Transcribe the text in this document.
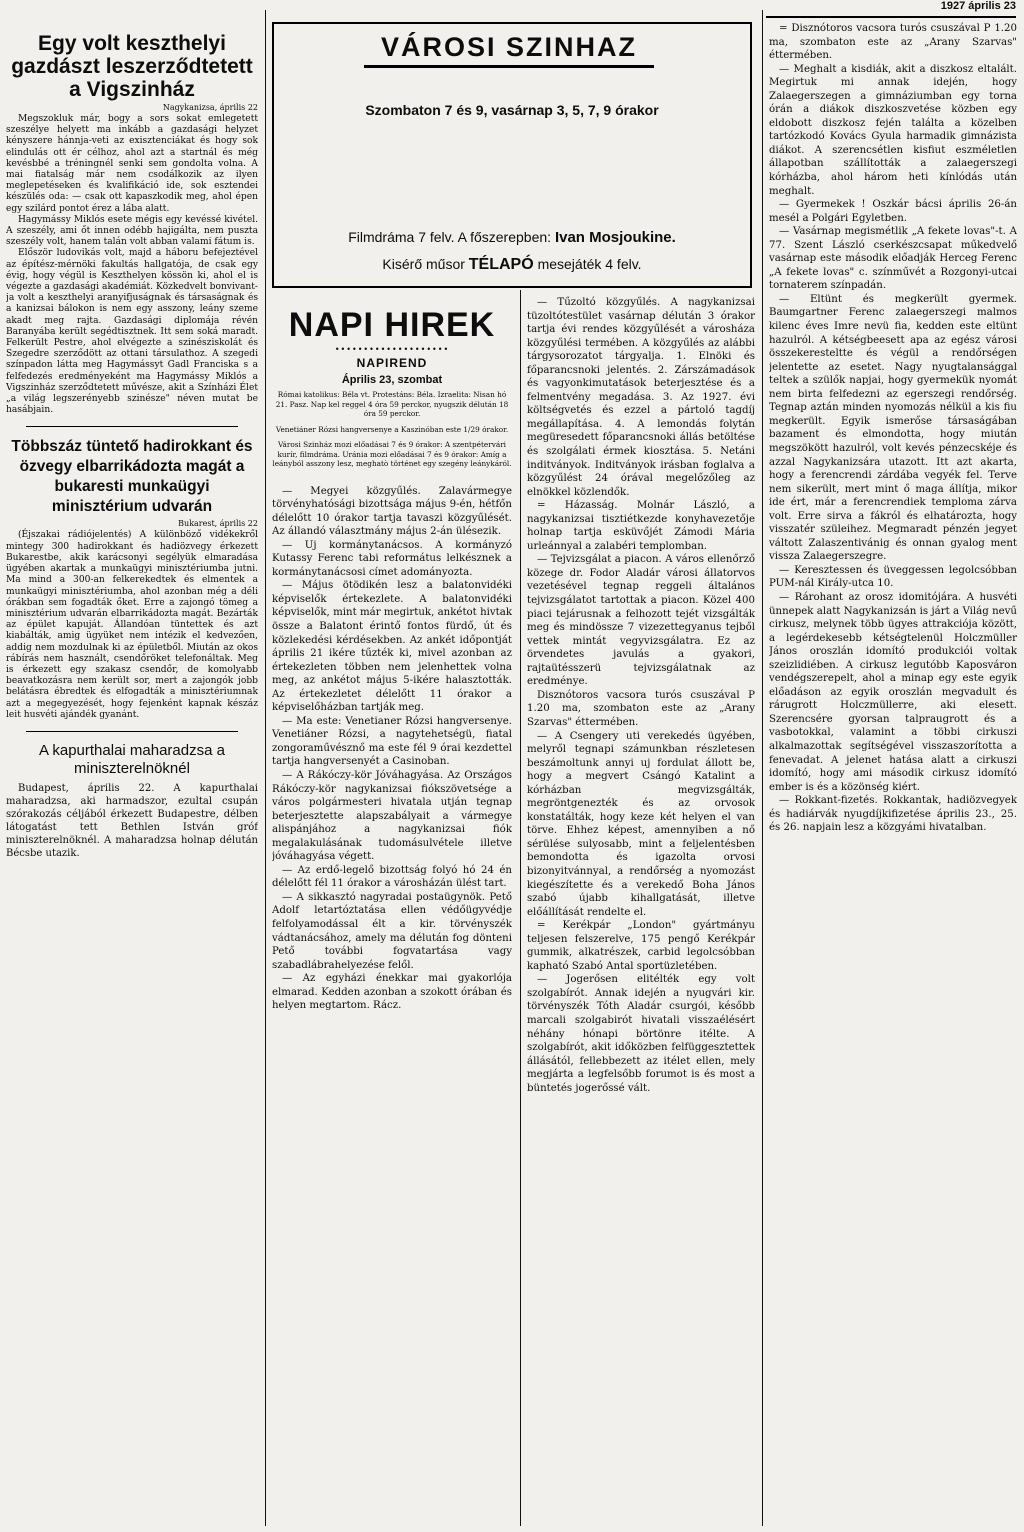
1927 április 23
Egy volt keszthelyi gazdászt leszerződtetett a Vigszinház

Nagykanizsa, április 22

Megszokluk már, bogy a sors sokat emlegetett szeszélye helyett ma inkább a gazdasági helyzet kényszere hánnja-veti az exisztenciákat és hogy sok elindulás ott ér célhoz, ahol azt a startnál és még kevésbbé a tréningnél senki sem gondolta volna. A mai fiatalság már nem csodálkozik az ilyen meglepetéseken és kvalifikáció ide, sok esztendei készülés oda: — csak ott kapaszkodik meg, ahol épen egy szilárd pontot érez a lába alatt.

Hagymássy Miklós esete mégis egy kevéssé kivétel. A szeszély, ami őt innen odébb hajigálta, nem puszta szeszély volt, hanem talán volt abban valami fátum is.

Először ludovikás volt, majd a háboru befejeztével az építész-mérnöki fakultás hallgatója, de csak egy évig, hogy végül is Keszthelyen kössön ki, ahol el is végezte a gazdasági akadémiát. Közkedvelt bonvivant-ja volt a keszthelyi aranyifjuságnak és társaságnak és a kanizsai bálokon is nem egy asszony, leány szeme akadt meg rajta. Gazdasági diplomája révén Baranyába került segédtisztnek. Itt sem soká maradt. Felkerült Pestre, ahol elvégezte a szinésziskolát és Szegedre szerződött az ottani társulathoz. A szegedi színpadon látta meg Hagymássyt Gadl Franciska s a felfedezés eredményeként ma Hagymássy Miklós a Vigszinház szerződtetett művésze, akit a Színházi Élet „a világ legszerényebb szinésze" néven mutat be hasábjain.

Többszáz tüntető hadirokkant és özvegy elbarrikádozta magát a bukaresti munkaügyi minisztérium udvarán

Bukarest, április 22

(Éjszakai rádiójelentés) A különböző vidékekről mintegy 300 hadirokkant és hadiözvegy érkezett Bukarestbe, akik karácsonyi segélyük elmaradása ügyében akartak a munkaügyi minisztériumba jutni. Ma mind a 300-an felkerekedtek és elmentek a munkaügyi minisztériumba, ahol azonban még a déli órákban sem fogadták őket. Erre a zajongó tömeg a minisztérium udvarán elbarrikádozta magát. Bezárták az épület kapuját. Állandóan tüntettek és azt kiabálták, amig ügyüket nem intézik el kedvezően, addig nem mozdulnak ki az épületből. Miután az okos rábírás nem használt, csendőröket telefonáltak. Meg is érkezett egy szakasz csendőr, de komolyabb beavatkozásra nem került sor, mert a zajongók jobb belátásra ébredtek és elfogadták a minisztériumnak azt a megegyezését, hogy fejenként kapnak készáz leit husvéti ajándék gyanánt.

A kapurthalai maharadzsa a miniszterelnöknél

Budapest, április 22. A kapurthalai maharadzsa, aki harmadszor, ezultal csupán szórakozás céljából érkezett Budapestre, délben látogatást tett Bethlen István gróf miniszterelnöknél. A maharadzsa holnap délután Bécsbe utazik.

VÁROSI SZINHAZ
Szombaton 7 és 9, vasárnap 3, 5, 7, 9 órakor
Filmdráma 7 felv. A főszerepben: Ivan Mosjoukine.
Kisérő műsor TÉLAPÓ mesejáték 4 felv.
NAPI HIREK

••••••••••••••••••••

NAPIREND

Április 23, szombat

Római katolikus: Béla vt. Protestáns: Béla. Izraelita: Nisan hó 21. Pasz. Nap kel reggel 4 óra 59 perckor, nyugszik délután 18 óra 59 perckor.

Venetiáner Rózsi hangversenye a Kaszinóban este 1/29 órakor.

Városi Szinház mozi előadásai 7 és 9 órakor: A szentpétervári kurír, filmdráma. Uránia mozi előadásai 7 és 9 órakor: Amíg a leányból asszony lesz, meghatò történet egy szegény leánykáról.

— Megyei közgyűlés. Zalavármegye törvényhatósági bizottsága május 9-én, hétfőn délelőtt 10 órakor tartja tavaszi közgyűlését. Az állandó választmány május 2-án ülésezik.

— Uj kormánytanácsos. A kormányzó Kutassy Ferenc tabi református lelkésznek a kormánytanácsosi címet adományozta.

— Május ötödikén lesz a balatonvidéki képviselők értekezlete. A balatonvidéki képviselők, mint már megirtuk, ankétot hivtak össze a Balatont érintő fontos fürdő, út és közlekedési kérdésekben. Az ankét időpontját április 21 ikére tűzték ki, mivel azonban az értekezleten többen nem jelenhettek volna meg, az ankétot május 5-ikére halasztották. Az értekezletet délelőtt 11 órakor a képviselőházban tartják meg.

— Ma este: Venetianer Rózsi hangversenye. Venetiáner Rózsi, a nagytehetségü, fiatal zongoraművésznő ma este fél 9 órai kezdettel tartja hangversenyét a Casinoban.

— A Rákóczy-kör Jóváhagyása. Az Országos Rákóczy-kör nagykanizsai fiókszövetsége a város polgármesteri hivatala utján tegnap beterjesztette alapszabályait a vármegye alispánjához a nagykanizsai fiók megalakulásának tudomásulvétele illetve jóváhagyása végett.

— Az erdő-legelő bizottság folyó hó 24 én délelőtt fél 11 órakor a városházán ülést tart.

— A sikkasztó nagyradai postaügynök. Pető Adolf letartóztatása ellen védőügyvédje felfolyamodással élt a kir. törvényszék vádtanácsához, amely ma délután fog dönteni Pető további fogvatartása vagy szabadlábrahelyezése felől.

— Az egyházi énekkar mai gyakorlója elmarad. Kedden azonban a szokott órában és helyen megtartom. Rácz.

— Tűzoltó közgyűlés. A nagykanizsai tüzoltótestület vasárnap délután 3 órakor tartja évi rendes közgyűlését a városháza közgyűlési termében. A közgyűlés az alábbi tárgysorozatot tárgyalja. 1. Elnöki és főparancsnoki jelentés. 2. Zárszámadások és vagyonkimutatások beterjesztése és a felmentvény megadása. 3. Az 1927. évi költségvetés és ezzel a pártoló tagdíj megállapítása. 4. A lemondás folytán megüresedett főparancsnoki állás betöltése és szolgálati érmek kiosztása. 5. Netáni inditványok. Inditványok irásban foglalva a közgyűlést 24 órával megelőzőleg az elnökkel közlendők.

= Házasság. Molnár László, a nagykanizsai tisztiétkezde konyhavezetője holnap tartja esküvőjét Zámodi Mária urleánnyal a zalabéri templomban.

— Tejvizsgálat a piacon. A város ellenőrző közege dr. Fodor Aladár városi állatorvos vezetésével tegnap reggeli általános tejvizsgálatot tartottak a piacon. Közel 400 piaci tejárusnak a felhozott tejét vizsgálták meg és mindössze 7 vizezettegyanus tejből vettek mintát vegyvizsgálatra. Ez az örvendetes javulás a gyakori, rajtaütésszerü tejvizsgálatnak az eredménye.

Disznótoros vacsora turós csuszával P 1.20 ma, szombaton este az „Arany Szarvas" éttermében.

— A Csengery uti verekedés ügyében, melyről tegnapi számunkban részletesen beszámoltunk annyi uj fordulat állott be, hogy a megvert Csángó Katalint a kórházban megvizsgálták, megröntgenezték és az orvosok konstatálták, hogy keze két helyen el van törve. Ehhez képest, amennyiben a nő sérülése sulyosabb, mint a feljelentésben bemondotta és igazolta orvosi bizonyitvánnyal, a rendőrség a nyomozást kiegészítette és a verekedő Boha János szabó újabb kihallgatását, illetve előállítását rendelte el.

= Kerékpár „London" gyártmányu teljesen felszerelve, 175 pengő Kerékpár gummik, alkatrészek, carbid legolcsóbban kapható Szabó Antal sportüzletében.

— Jogerősen elitélték egy volt szolgabírót. Annak idején a nyugvári kir. törvényszék Tóth Aladár csurgói, később marcali szolgabirót hivatali visszaélésért néhány hónapi börtönre itélte. A szolgabírót, akit időközben felfüggesztettek állásától, fellebbezett az itélet ellen, mely megjárta a legfelsőbb forumot is és most a büntetés jogerőssé vált.

= Disznótoros vacsora turós csuszával P 1.20 ma, szombaton este az „Arany Szarvas" éttermében.

— Meghalt a kisdiák, akit a diszkosz eltalált. Megirtuk mi annak idején, hogy Zalaegerszegen a gimnáziumban egy torna órán a diákok diszkoszvetése közben egy eldobott diszkosz fején találta a közelben tartózkodó Kovács Gyula harmadik gimnázista diákot. A szerencsétlen kisfiut eszméletlen állapotban szállították a zalaegerszegi kórházba, ahol három heti kínlódás után meghalt.

— Gyermekek ! Oszkár bácsi április 26-án mesél a Polgári Egyletben.

— Vasárnap megismétlik „A fekete lovas"-t. A 77. Szent László cserkészcsapat műkedvelő vasárnap este második előadják Herceg Ferenc „A fekete lovas" c. színművét a Rozgonyi-utcai tornaterem színpadán.

— Eltünt és megkerült gyermek. Baumgartner Ferenc zalaegerszegi malmos kilenc éves Imre nevü fia, kedden este eltünt hazulról. A kétségbeesett apa az egész városi összekeresteltte és végül a rendőrségen jelentette az esetet. Nagy nyugtalansággal teltek a szülők napjai, hogy gyermekük nyomát nem birta felfedezni az egerszegi rendőrség. Tegnap aztán minden nyomozás nélkül a kis fiu megkerült. Egyik ismerőse társaságában bazament és elmondotta, hogy miután megszökött hazulról, volt kevés pénzecskéje és azzal Nagykanizsára utazott. Itt azt akarta, hogy a ferencrendi zárdába vegyék fel. Terve nem sikerült, mert mint ő maga állítja, mikor ide ért, már a ferencrendiek temploma zárva volt. Erre sirva a fákról és elhatározta, hogy visszatér szüleihez. Megmaradt pénzén jegyet váltott Zalaszentivánig és onnan gyalog ment vissza Zalaegerszegre.

— Keresztessen és üveggessen legolcsóbban PUM-nál Király-utca 10.

— Rárohant az orosz idomitójára. A husvéti ünnepek alatt Nagykanizsán is járt a Világ nevű cirkusz, melynek több ügyes attrakciója között, a legérdekesebb kétségtelenül Holczmüller János oroszlán idomító produkciói voltak szeizlidiében. A cirkusz legutóbb Kaposváron vendégszerepelt, ahol a minap egy este egyik előadáson az egyik oroszlán megvadult és rárugrott Holczmüllerre, aki elesett. Szerencsére gyorsan talpraugrott és a vasbotokkal, valamint a többi cirkuszi alkalmazottak segítségével visszaszorította a fenevadat. A jelenet hatása alatt a cirkuszi idomító, hogy ami második cirkusz idomító ember is és a közönség kiért.

— Rokkant-fizetés. Rokkantak, hadiözvegyek és hadiárvák nyugdíjkifizetése április 23., 25. és 26. napjain lesz a közgyámi hivatalban.
